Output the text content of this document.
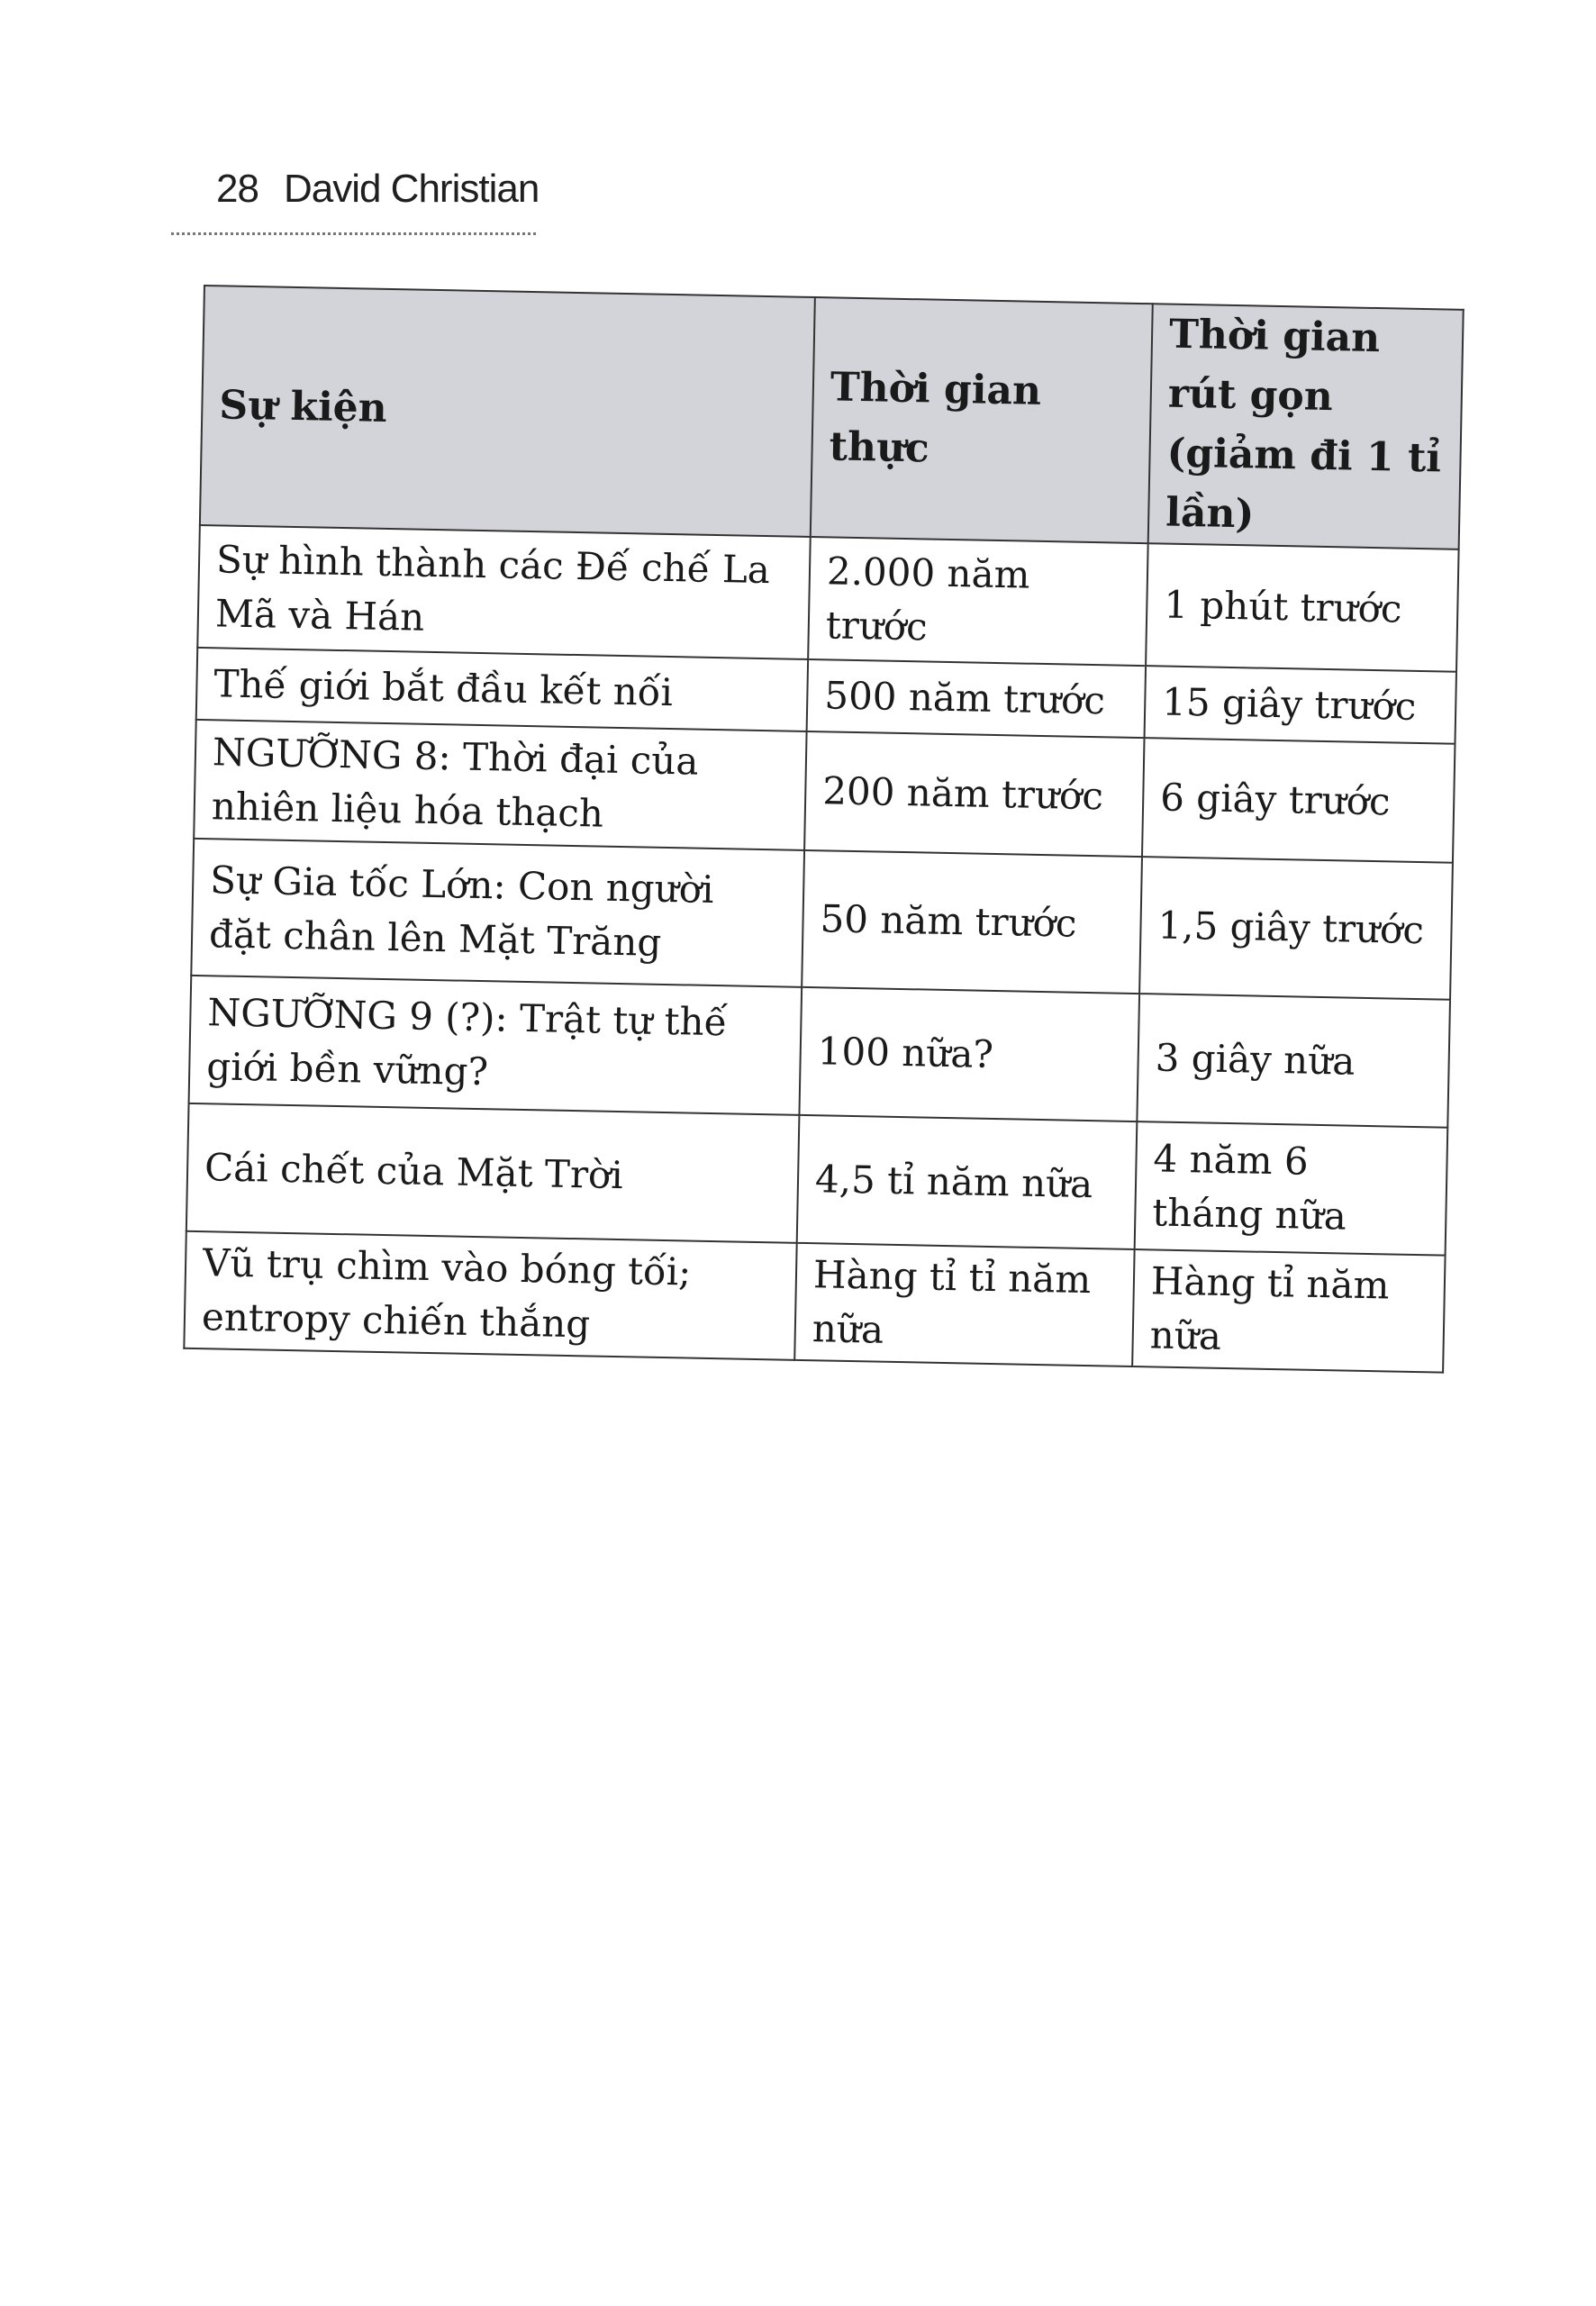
28 David Christian
Sự kiện	Thời gian thực	Thời gian rút gọn (giảm đi 1 tỉ lần)
Sự hình thành các Đế chế La Mã và Hán	2.000 năm trước	1 phút trước
Thế giới bắt đầu kết nối	500 năm trước	15 giây trước
NGƯỠNG 8: Thời đại của nhiên liệu hóa thạch	200 năm trước	6 giây trước
Sự Gia tốc Lớn: Con người đặt chân lên Mặt Trăng	50 năm trước	1,5 giây trước
NGƯỠNG 9 (?): Trật tự thế giới bền vững?	100 nữa?	3 giây nữa
Cái chết của Mặt Trời	4,5 tỉ năm nữa	4 năm 6 tháng nữa
Vũ trụ chìm vào bóng tối; entropy chiến thắng	Hàng tỉ tỉ năm nữa	Hàng tỉ năm nữa
